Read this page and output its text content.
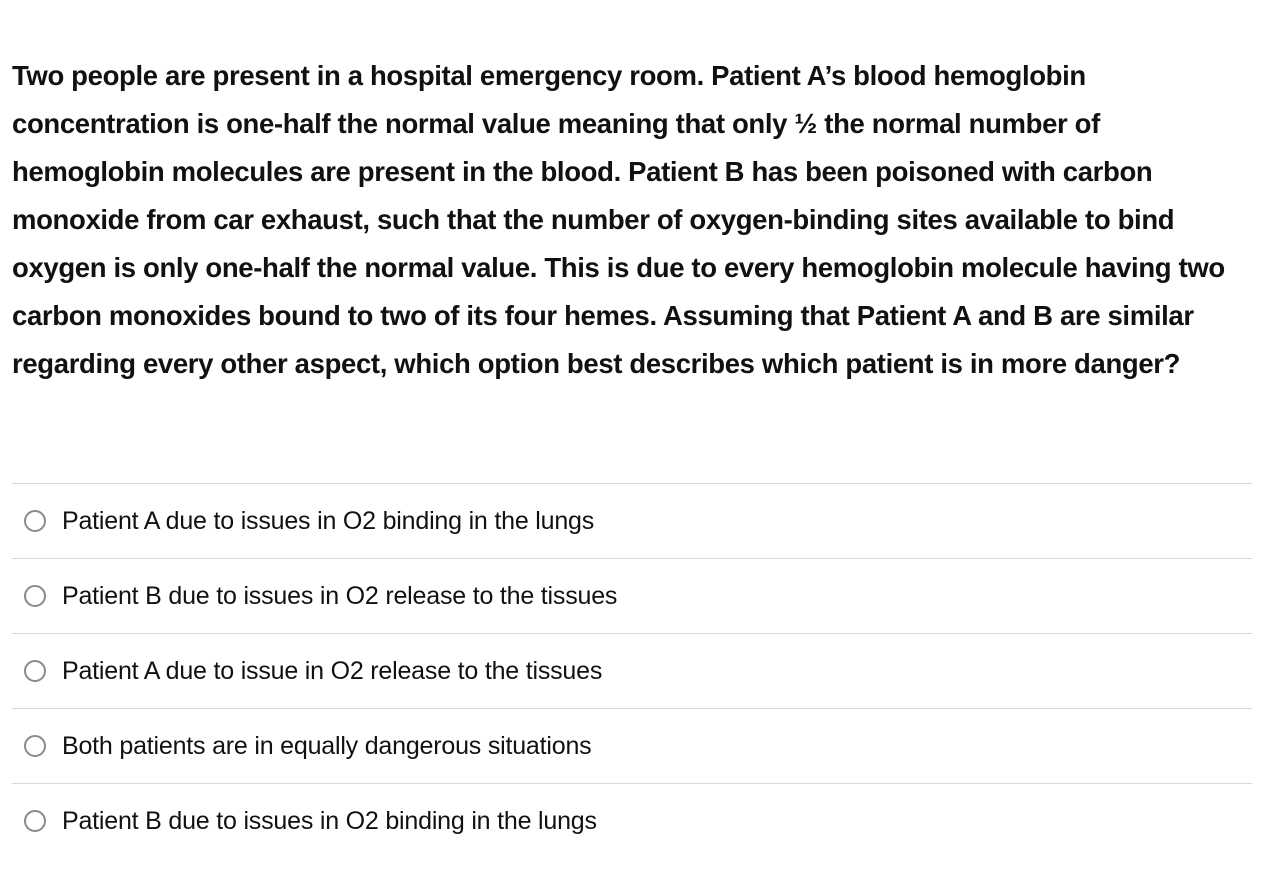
Two people are present in a hospital emergency room. Patient A’s blood hemoglobin concentration is one-half the normal value meaning that only ½ the normal number of hemoglobin molecules are present in the blood. Patient B has been poisoned with carbon monoxide from car exhaust, such that the number of oxygen-binding sites available to bind oxygen is only one-half the normal value. This is due to every hemoglobin molecule having two carbon monoxides bound to two of its four hemes. Assuming that Patient A and B are similar regarding every other aspect, which option best describes which patient is in more danger?

Patient A due to issues in O2 binding in the lungs
Patient B due to issues in O2 release to the tissues
Patient A due to issue in O2 release to the tissues
Both patients are in equally dangerous situations
Patient B due to issues in O2 binding in the lungs
